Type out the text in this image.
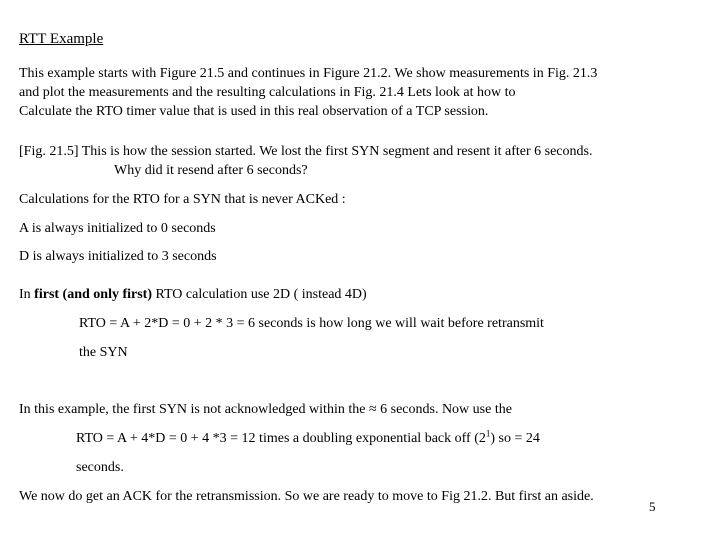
RTT Example
This example starts with Figure 21.5 and continues in Figure 21.2. We show measurements in Fig. 21.3
and plot the measurements and the resulting calculations in Fig. 21.4 Lets look at how to
Calculate the RTO timer value that is used in this real observation of a TCP session.
[Fig. 21.5] This is how the session started. We lost the first SYN segment and resent it after 6 seconds.
Why did it resend after 6 seconds?
Calculations for the RTO for a SYN that is never ACKed :
A is always initialized to 0 seconds
D is always initialized to 3 seconds
In first (and only first) RTO calculation use 2D ( instead 4D)
RTO = A + 2*D = 0 + 2 * 3 = 6 seconds is how long we will wait before retransmit
the SYN
In this example, the first SYN is not acknowledged within the ≈ 6 seconds. Now use the
RTO = A + 4*D = 0 + 4 *3 = 12 times a doubling exponential back off $(2^1)$ so = 24
seconds.
We now do get an ACK for the retransmission. So we are ready to move to Fig 21.2. But first an aside.
5
